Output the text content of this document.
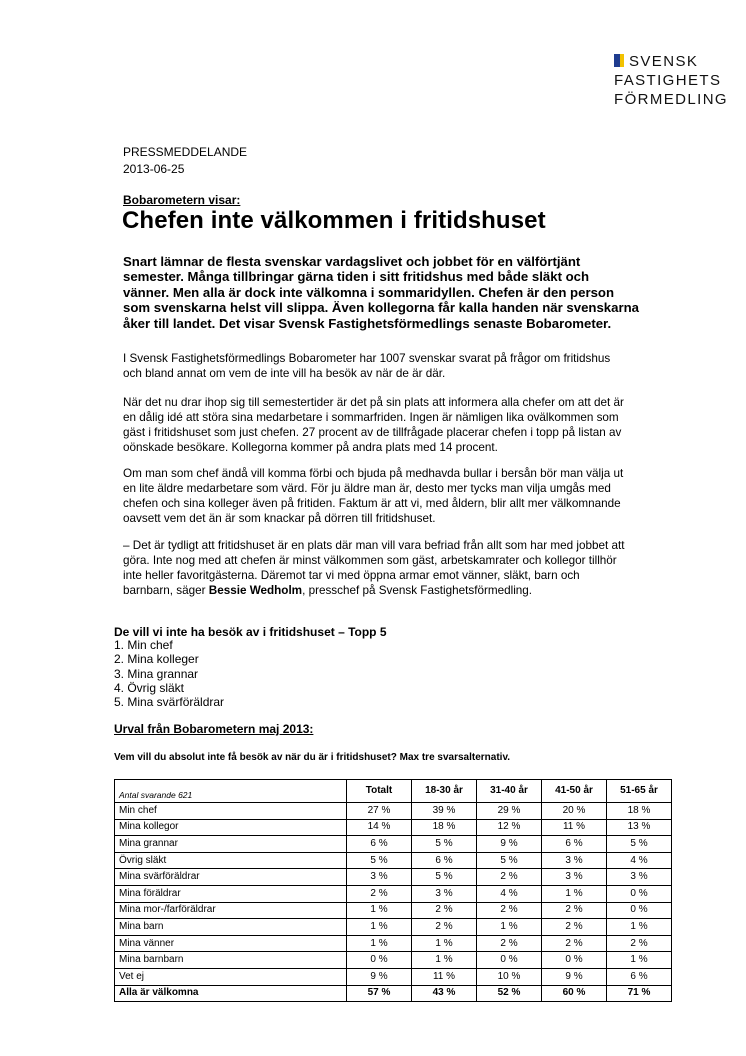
SVENSK
FASTIGHETS
FÖRMEDLING
PRESSMEDDELANDE
2013-06-25
Bobarometern visar:
Chefen inte välkommen i fritidshuset
Snart lämnar de flesta svenskar vardagslivet och jobbet för en välförtjänt
semester. Många tillbringar gärna tiden i sitt fritidshus med både släkt och
vänner. Men alla är dock inte välkomna i sommaridyllen. Chefen är den person
som svenskarna helst vill slippa. Även kollegorna får kalla handen när svenskarna
åker till landet. Det visar Svensk Fastighetsförmedlings senaste Bobarometer.
I Svensk Fastighetsförmedlings Bobarometer har 1007 svenskar svarat på frågor om fritidshus
och bland annat om vem de inte vill ha besök av när de är där.
När det nu drar ihop sig till semestertider är det på sin plats att informera alla chefer om att det är
en dålig idé att störa sina medarbetare i sommarfriden. Ingen är nämligen lika ovälkommen som
gäst i fritidshuset som just chefen. 27 procent av de tillfrågade placerar chefen i topp på listan av
oönskade besökare. Kollegorna kommer på andra plats med 14 procent.
Om man som chef ändå vill komma förbi och bjuda på medhavda bullar i bersån bör man välja ut
en lite äldre medarbetare som värd. För ju äldre man är, desto mer tycks man vilja umgås med
chefen och sina kolleger även på fritiden. Faktum är att vi, med åldern, blir allt mer välkomnande
oavsett vem det än är som knackar på dörren till fritidshuset.
– Det är tydligt att fritidshuset är en plats där man vill vara befriad från allt som har med jobbet att
göra. Inte nog med att chefen är minst välkommen som gäst, arbetskamrater och kollegor tillhör
inte heller favoritgästerna. Däremot tar vi med öppna armar emot vänner, släkt, barn och
barnbarn, säger Bessie Wedholm, presschef på Svensk Fastighetsförmedling.
De vill vi inte ha besök av i fritidshuset – Topp 5
1. Min chef
2. Mina kolleger
3. Mina grannar
4. Övrig släkt
5. Mina svärföräldrar
Urval från Bobarometern maj 2013:
Vem vill du absolut inte få besök av när du är i fritidshuset? Max tre svarsalternativ.
Antal svarande 621	Totalt	18-30 år	31-40 år	41-50 år	51-65 år
Min chef	27 %	39 %	29 %	20 %	18 %
Mina kollegor	14 %	18 %	12 %	11 %	13 %
Mina grannar	6 %	5 %	9 %	6 %	5 %
Övrig släkt	5 %	6 %	5 %	3 %	4 %
Mina svärföräldrar	3 %	5 %	2 %	3 %	3 %
Mina föräldrar	2 %	3 %	4 %	1 %	0 %
Mina mor-/farföräldrar	1 %	2 %	2 %	2 %	0 %
Mina barn	1 %	2 %	1 %	2 %	1 %
Mina vänner	1 %	1 %	2 %	2 %	2 %
Mina barnbarn	0 %	1 %	0 %	0 %	1 %
Vet ej	9 %	11 %	10 %	9 %	6 %
Alla är välkomna	57 %	43 %	52 %	60 %	71 %
